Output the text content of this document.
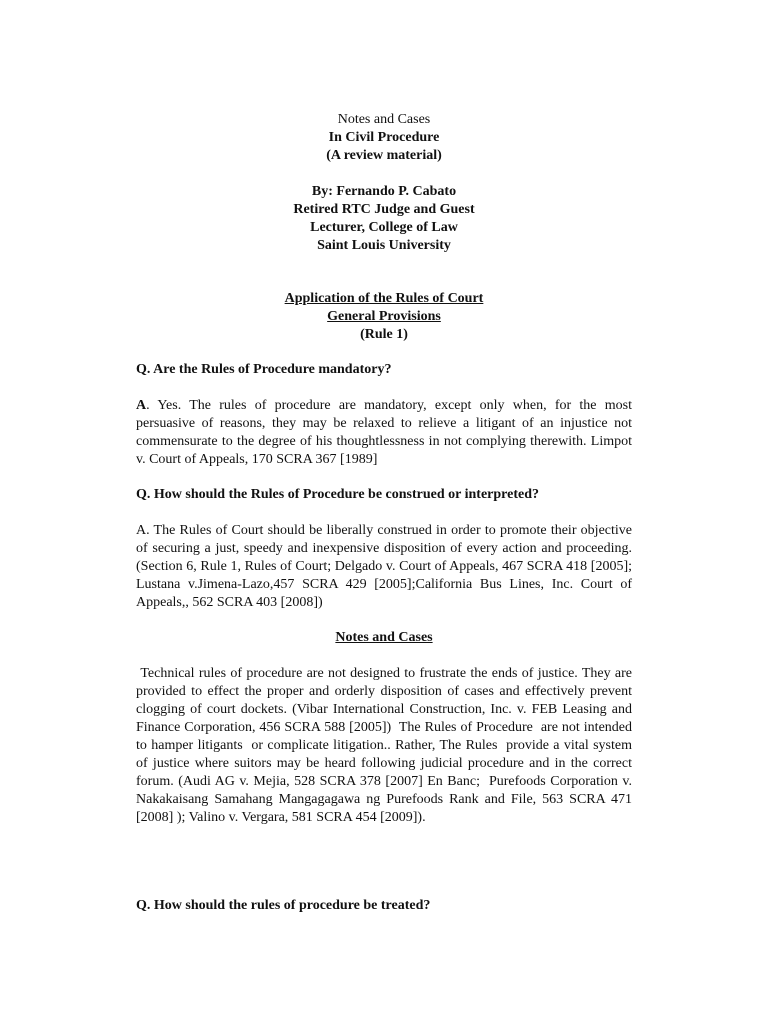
Notes and Cases
In Civil Procedure
(A review material)
By: Fernando P. Cabato
Retired RTC Judge and Guest
Lecturer, College of Law
Saint Louis University
Application of the Rules of Court
General Provisions
(Rule 1)
Q. Are the Rules of Procedure mandatory?
A. Yes. The rules of procedure are mandatory, except only when, for the most persuasive of reasons, they may be relaxed to relieve a litigant of an injustice not commensurate to the degree of his thoughtlessness in not complying therewith. Limpot v. Court of Appeals, 170 SCRA 367 [1989]
Q. How should the Rules of Procedure be construed or interpreted?
A. The Rules of Court should be liberally construed in order to promote their objective of securing a just, speedy and inexpensive disposition of every action and proceeding. (Section 6, Rule 1, Rules of Court; Delgado v. Court of Appeals, 467 SCRA 418 [2005]; Lustana v.Jimena-Lazo,457 SCRA 429 [2005];California Bus Lines, Inc. Court of Appeals,, 562 SCRA 403 [2008])
Notes and Cases
Technical rules of procedure are not designed to frustrate the ends of justice. They are provided to effect the proper and orderly disposition of cases and effectively prevent clogging of court dockets. (Vibar International Construction, Inc. v. FEB Leasing and Finance Corporation, 456 SCRA 588 [2005])  The Rules of Procedure  are not intended to hamper litigants  or complicate litigation.. Rather, The Rules  provide a vital system of justice where suitors may be heard following judicial procedure and in the correct forum. (Audi AG v. Mejia, 528 SCRA 378 [2007] En Banc;  Purefoods Corporation v. Nakakaisang Samahang Mangagagawa ng Purefoods Rank and File, 563 SCRA 471 [2008] ); Valino v. Vergara, 581 SCRA 454 [2009]).
Q. How should the rules of procedure be treated?
